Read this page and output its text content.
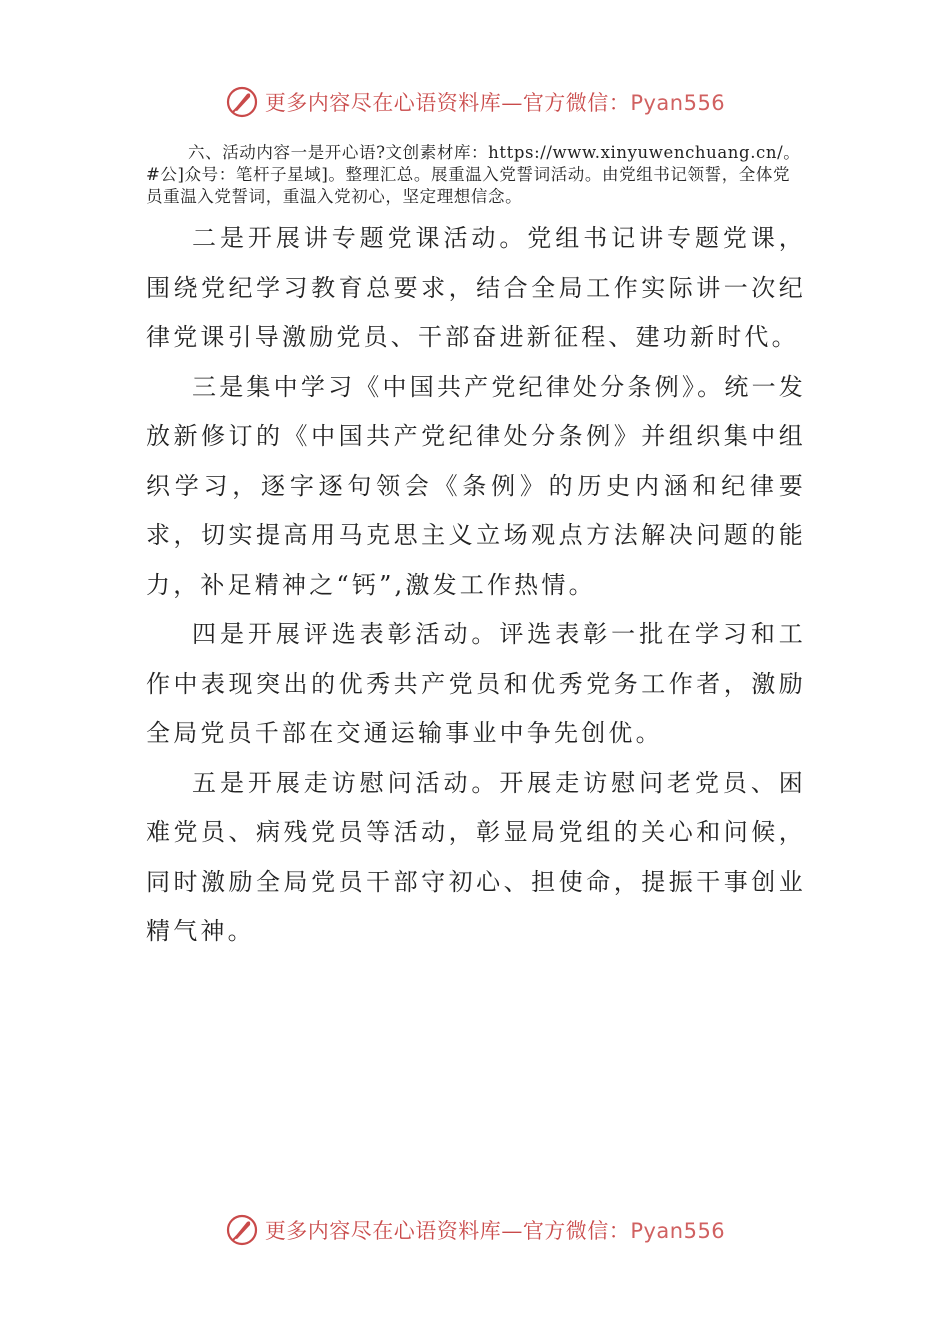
更多内容尽在心语资料库—官方微信：Pyan556

六、活动内容一是开心语?文创素材库：https://www.xinyuwenchuang.cn/。#公]众号：笔杆子星域]。整理汇总。展重温入党誓词活动。由党组书记领誓，全体党员重温入党誓词，重温入党初心，坚定理想信念。

二是开展讲专题党课活动。党组书记讲专题党课，围绕党纪学习教育总要求，结合全局工作实际讲一次纪律党课引导激励党员、干部奋进新征程、建功新时代。

三是集中学习《中国共产党纪律处分条例》。统一发放新修订的《中国共产党纪律处分条例》并组织集中组织学习，逐字逐句领会《条例》的历史内涵和纪律要求，切实提高用马克思主义立场观点方法解决问题的能力，补足精神之“钙”,激发工作热情。

四是开展评选表彰活动。评选表彰一批在学习和工作中表现突出的优秀共产党员和优秀党务工作者，激励全局党员千部在交通运输事业中争先创优。

五是开展走访慰问活动。开展走访慰问老党员、困难党员、病残党员等活动，彰显局党组的关心和问候，同时激励全局党员干部守初心、担使命，提振干事创业精气神。

更多内容尽在心语资料库—官方微信：Pyan556
